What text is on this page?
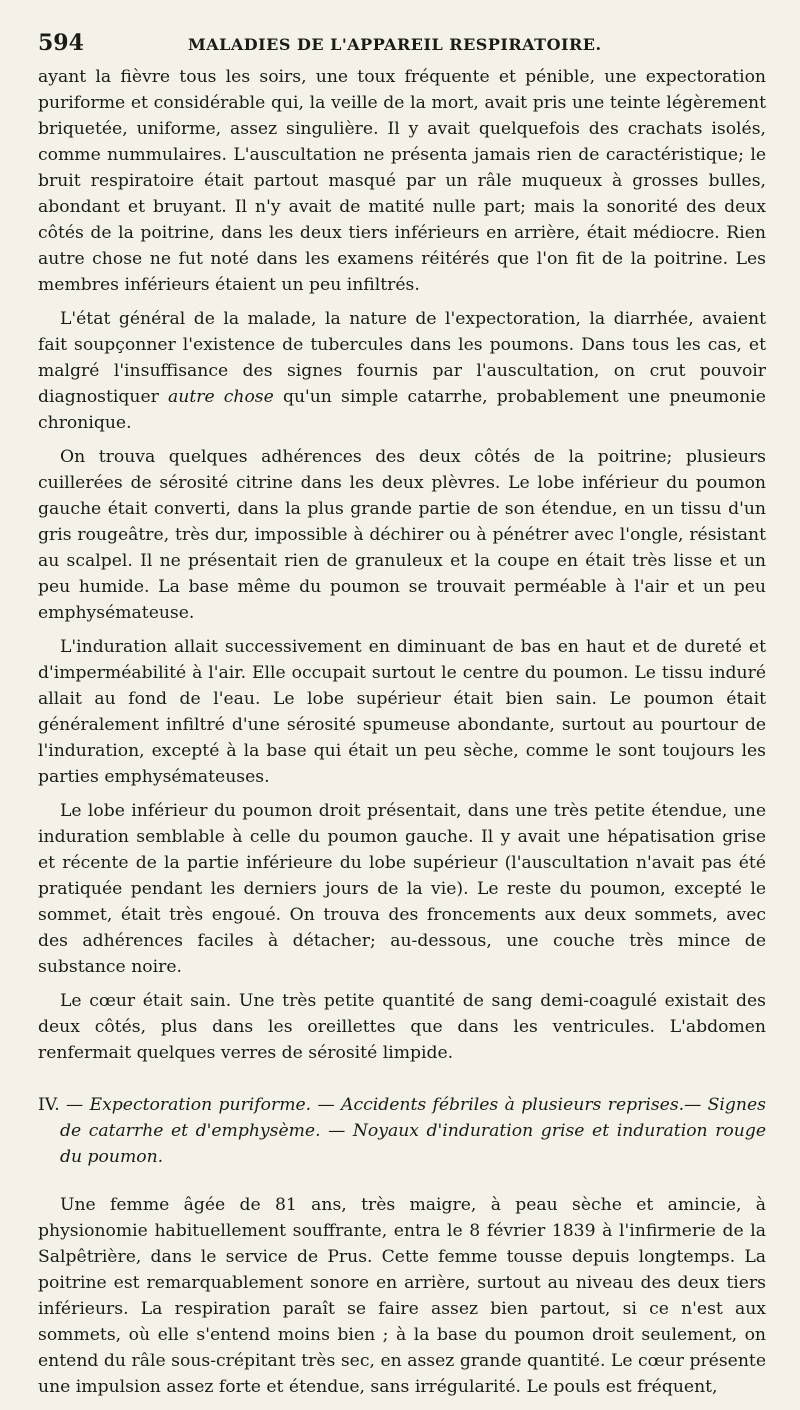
594	MALADIES DE L'APPAREIL RESPIRATOIRE.

ayant la fièvre tous les soirs, une toux fréquente et pénible, une expectoration puriforme et considérable qui, la veille de la mort, avait pris une teinte légèrement briquetée, uniforme, assez singulière. Il y avait quelquefois des crachats isolés, comme nummulaires. L'auscultation ne présenta jamais rien de caractéristique; le bruit respiratoire était partout masqué par un râle muqueux à grosses bulles, abondant et bruyant. Il n'y avait de matité nulle part; mais la sonorité des deux côtés de la poitrine, dans les deux tiers inférieurs en arrière, était médiocre. Rien autre chose ne fut noté dans les examens réitérés que l'on fit de la poitrine. Les membres inférieurs étaient un peu infiltrés.

L'état général de la malade, la nature de l'expectoration, la diarrhée, avaient fait soupçonner l'existence de tubercules dans les poumons. Dans tous les cas, et malgré l'insuffisance des signes fournis par l'auscultation, on crut pouvoir diagnostiquer autre chose qu'un simple catarrhe, probablement une pneumonie chronique.

On trouva quelques adhérences des deux côtés de la poitrine; plusieurs cuillerées de sérosité citrine dans les deux plèvres. Le lobe inférieur du poumon gauche était converti, dans la plus grande partie de son étendue, en un tissu d'un gris rougeâtre, très dur, impossible à déchirer ou à pénétrer avec l'ongle, résistant au scalpel. Il ne présentait rien de granuleux et la coupe en était très lisse et un peu humide. La base même du poumon se trouvait perméable à l'air et un peu emphysémateuse.

L'induration allait successivement en diminuant de bas en haut et de dureté et d'imperméabilité à l'air. Elle occupait surtout le centre du poumon. Le tissu induré allait au fond de l'eau. Le lobe supérieur était bien sain. Le poumon était généralement infiltré d'une sérosité spumeuse abondante, surtout au pourtour de l'induration, excepté à la base qui était un peu sèche, comme le sont toujours les parties emphysémateuses.

Le lobe inférieur du poumon droit présentait, dans une très petite étendue, une induration semblable à celle du poumon gauche. Il y avait une hépatisation grise et récente de la partie inférieure du lobe supérieur (l'auscultation n'avait pas été pratiquée pendant les derniers jours de la vie). Le reste du poumon, excepté le sommet, était très engoué. On trouva des froncements aux deux sommets, avec des adhérences faciles à détacher; au-dessous, une couche très mince de substance noire.

Le cœur était sain. Une très petite quantité de sang demi-coagulé existait des deux côtés, plus dans les oreillettes que dans les ventricules. L'abdomen renfermait quelques verres de sérosité limpide.

IV. — Expectoration puriforme. — Accidents fébriles à plusieurs reprises.— Signes de catarrhe et d'emphysème. — Noyaux d'induration grise et induration rouge du poumon.

Une femme âgée de 81 ans, très maigre, à peau sèche et amincie, à physionomie habituellement souffrante, entra le 8 février 1839 à l'infirmerie de la Salpêtrière, dans le service de Prus. Cette femme tousse depuis longtemps. La poitrine est remarquablement sonore en arrière, surtout au niveau des deux tiers inférieurs. La respiration paraît se faire assez bien partout, si ce n'est aux sommets, où elle s'entend moins bien ; à la base du poumon droit seulement, on entend du râle sous-crépitant très sec, en assez grande quantité. Le cœur présente une impulsion assez forte et étendue, sans irrégularité. Le pouls est fréquent,
